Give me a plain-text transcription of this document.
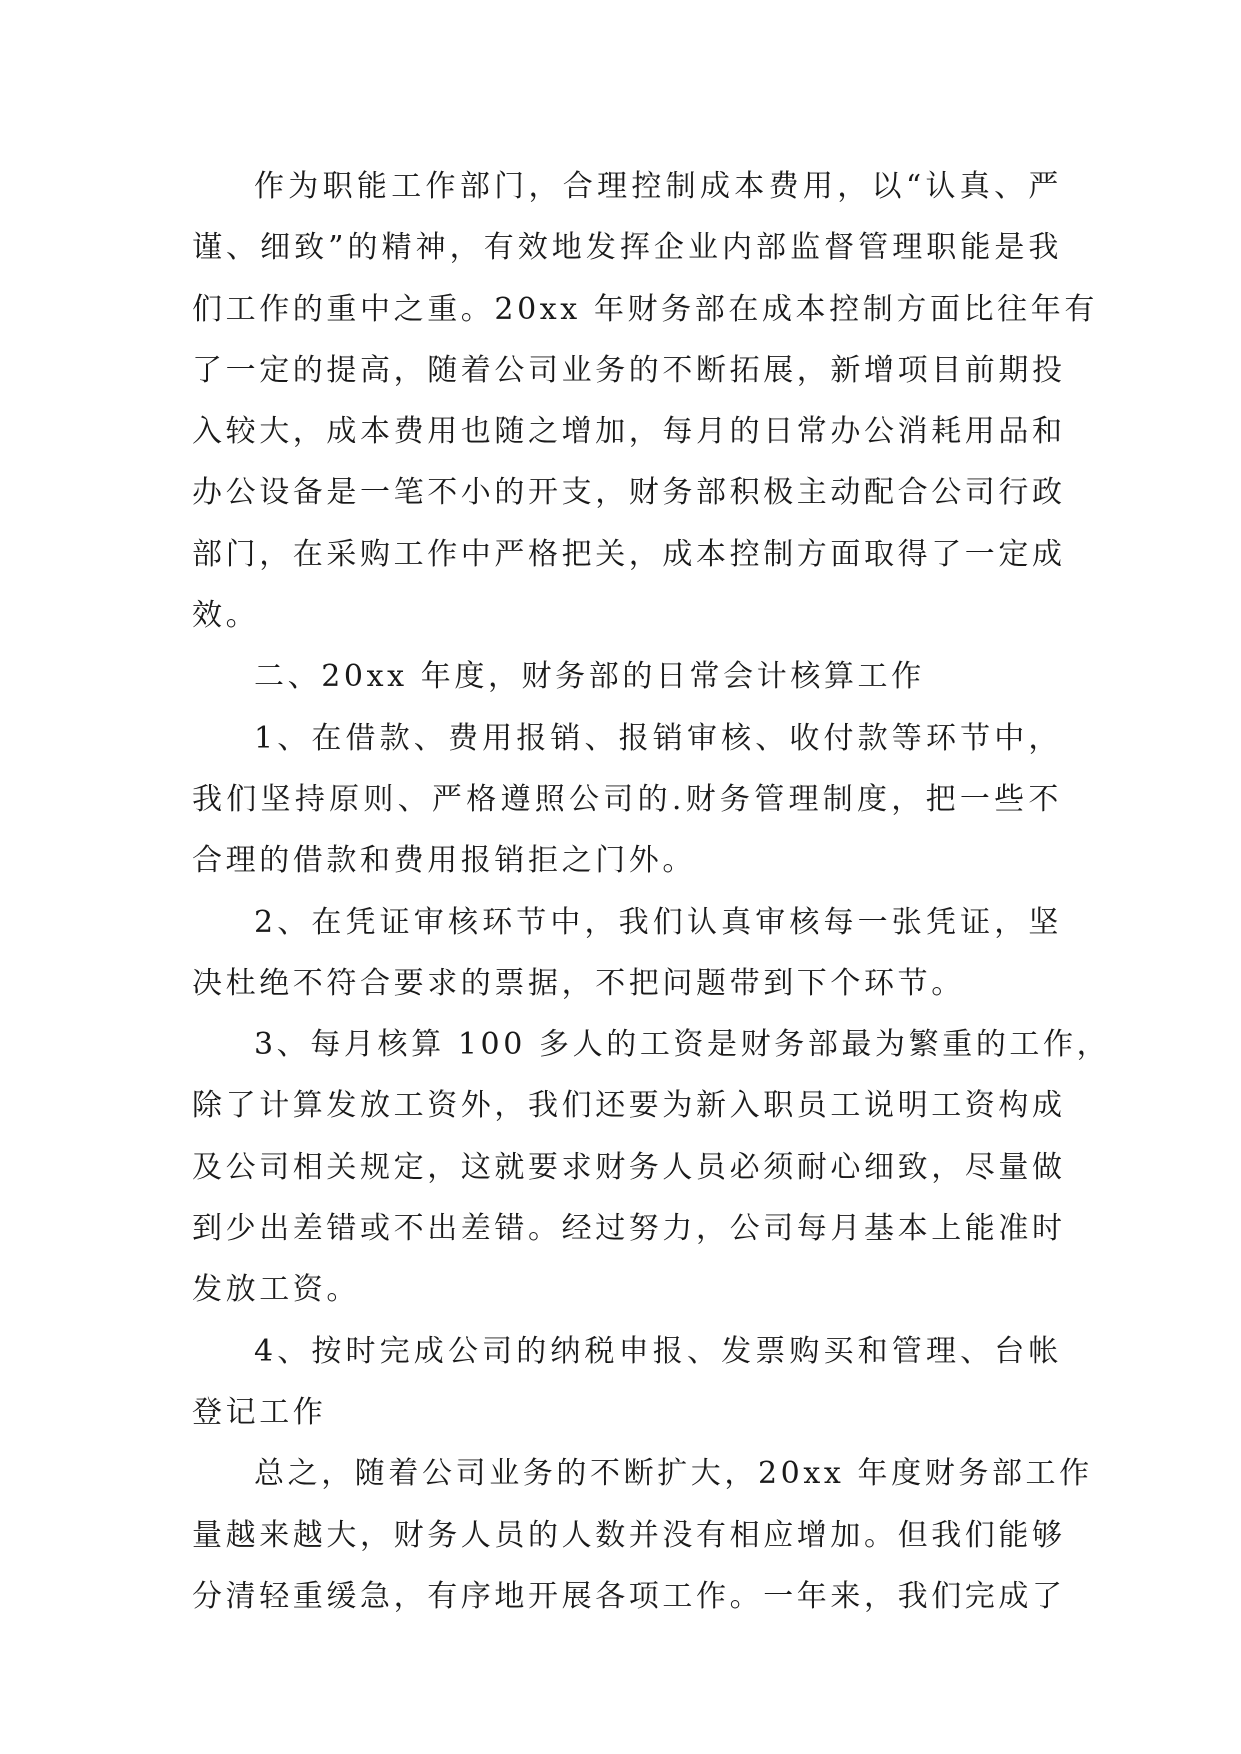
作为职能工作部门，合理控制成本费用，以“认真、严
谨、细致”的精神，有效地发挥企业内部监督管理职能是我
们工作的重中之重。20xx 年财务部在成本控制方面比往年有
了一定的提高，随着公司业务的不断拓展，新增项目前期投
入较大，成本费用也随之增加，每月的日常办公消耗用品和
办公设备是一笔不小的开支，财务部积极主动配合公司行政
部门，在采购工作中严格把关，成本控制方面取得了一定成
效。
二、20xx 年度，财务部的日常会计核算工作
1、在借款、费用报销、报销审核、收付款等环节中，
我们坚持原则、严格遵照公司的.财务管理制度，把一些不
合理的借款和费用报销拒之门外。
2、在凭证审核环节中，我们认真审核每一张凭证，坚
决杜绝不符合要求的票据，不把问题带到下个环节。
3、每月核算 100 多人的工资是财务部最为繁重的工作，
除了计算发放工资外，我们还要为新入职员工说明工资构成
及公司相关规定，这就要求财务人员必须耐心细致，尽量做
到少出差错或不出差错。经过努力，公司每月基本上能准时
发放工资。
4、按时完成公司的纳税申报、发票购买和管理、台帐
登记工作
总之，随着公司业务的不断扩大，20xx 年度财务部工作
量越来越大，财务人员的人数并没有相应增加。但我们能够
分清轻重缓急，有序地开展各项工作。一年来，我们完成了
